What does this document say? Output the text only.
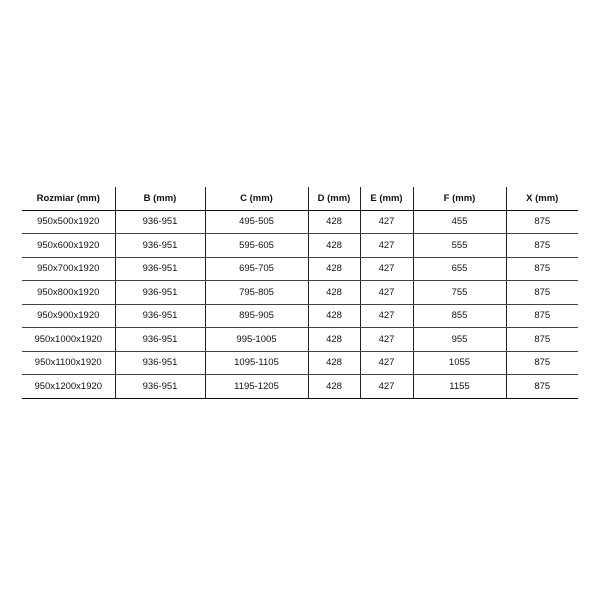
Rozmiar (mm)	B (mm)	C (mm)	D (mm)	E (mm)	F (mm)	X (mm)
950x500x1920	936-951	495-505	428	427	455	875
950x600x1920	936-951	595-605	428	427	555	875
950x700x1920	936-951	695-705	428	427	655	875
950x800x1920	936-951	795-805	428	427	755	875
950x900x1920	936-951	895-905	428	427	855	875
950x1000x1920	936-951	995-1005	428	427	955	875
950x1100x1920	936-951	1095-1105	428	427	1055	875
950x1200x1920	936-951	1195-1205	428	427	1155	875
